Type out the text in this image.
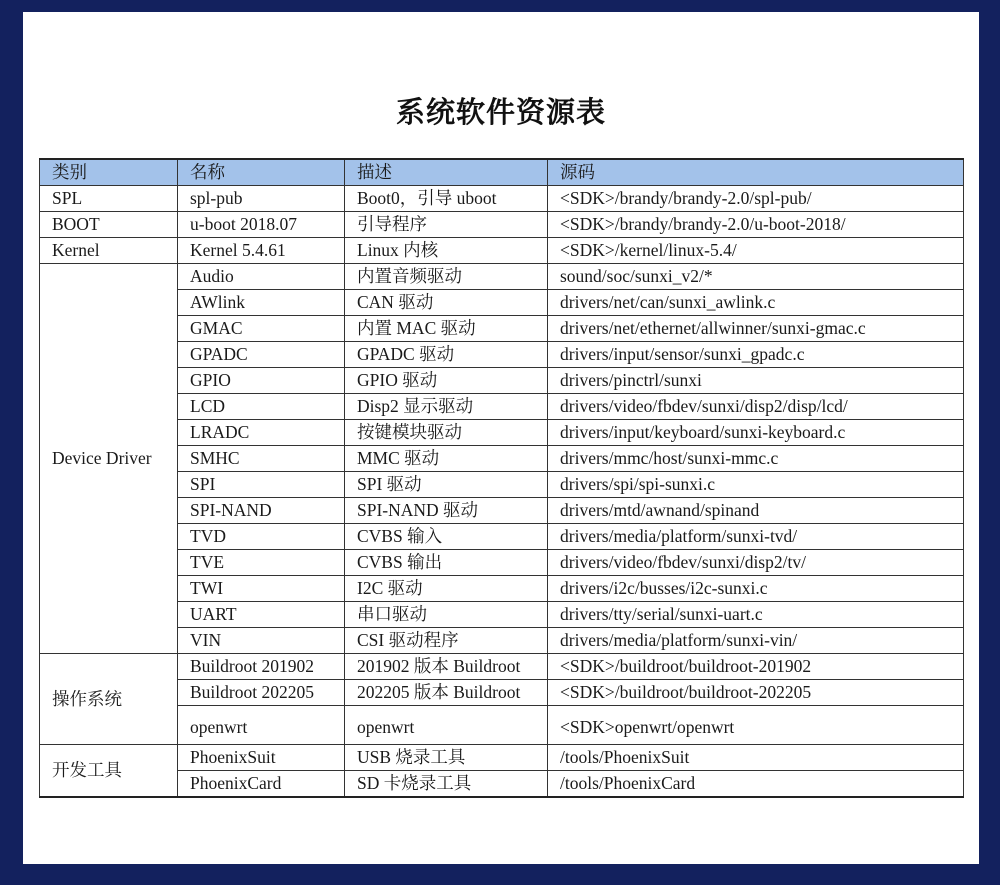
系统软件资源表
类别	名称	描述	源码
SPL	spl-pub	Boot0，引导 uboot	<SDK>/brandy/brandy-2.0/spl-pub/
BOOT	u-boot 2018.07	引导程序	<SDK>/brandy/brandy-2.0/u-boot-2018/
Kernel	Kernel 5.4.61	Linux 内核	<SDK>/kernel/linux-5.4/
Device Driver	Audio	内置音频驱动	sound/soc/sunxi_v2/*
	AWlink	CAN 驱动	drivers/net/can/sunxi_awlink.c
	GMAC	内置 MAC 驱动	drivers/net/ethernet/allwinner/sunxi-gmac.c
	GPADC	GPADC 驱动	drivers/input/sensor/sunxi_gpadc.c
	GPIO	GPIO 驱动	drivers/pinctrl/sunxi
	LCD	Disp2 显示驱动	drivers/video/fbdev/sunxi/disp2/disp/lcd/
	LRADC	按键模块驱动	drivers/input/keyboard/sunxi-keyboard.c
	SMHC	MMC 驱动	drivers/mmc/host/sunxi-mmc.c
	SPI	SPI 驱动	drivers/spi/spi-sunxi.c
	SPI-NAND	SPI-NAND 驱动	drivers/mtd/awnand/spinand
	TVD	CVBS 输入	drivers/media/platform/sunxi-tvd/
	TVE	CVBS 输出	drivers/video/fbdev/sunxi/disp2/tv/
	TWI	I2C 驱动	drivers/i2c/busses/i2c-sunxi.c
	UART	串口驱动	drivers/tty/serial/sunxi-uart.c
	VIN	CSI 驱动程序	drivers/media/platform/sunxi-vin/
操作系统	Buildroot 201902	201902 版本 Buildroot	<SDK>/buildroot/buildroot-201902
	Buildroot 202205	202205 版本 Buildroot	<SDK>/buildroot/buildroot-202205
	openwrt	openwrt	<SDK>openwrt/openwrt
开发工具	PhoenixSuit	USB 烧录工具	/tools/PhoenixSuit
	PhoenixCard	SD 卡烧录工具	/tools/PhoenixCard
